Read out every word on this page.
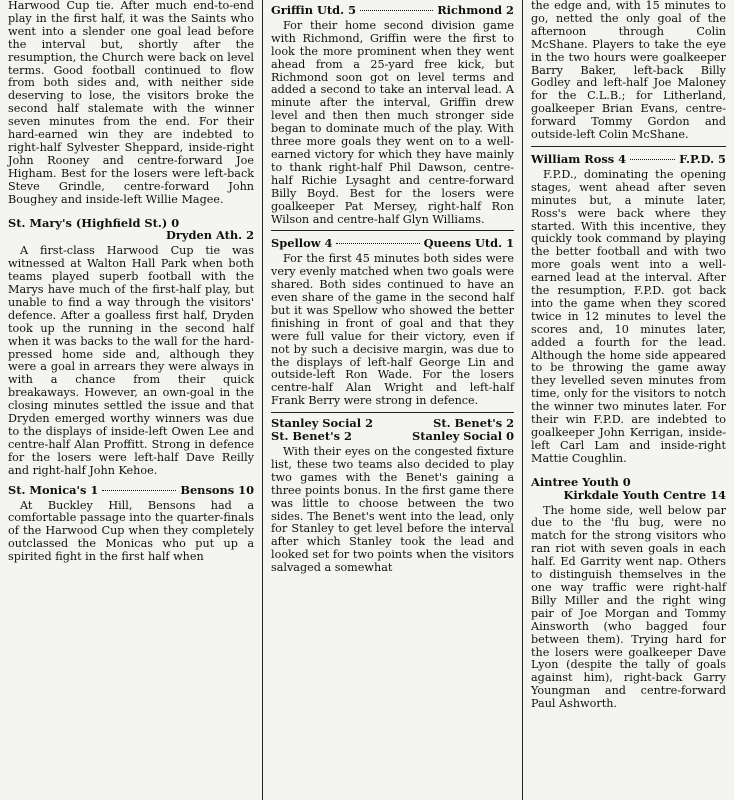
Harwood Cup tie. After much end-to-end play in the first half, it was the Saints who went into a slender one goal lead before the interval but, shortly after the resumption, the Church were back on level terms. Good football continued to flow from both sides and, with neither side deserving to lose, the visitors broke the second half stalemate with the winner seven minutes from the end. For their hard-earned win they are indebted to right-half Sylvester Sheppard, inside-right John Rooney and centre-forward Joe Higham. Best for the losers were left-back Steve Grindle, centre-forward John Boughey and inside-left Willie Magee.

St. Mary's (Highfield St.) 0
Dryden Ath. 2

A first-class Harwood Cup tie was witnessed at Walton Hall Park when both teams played superb football with the Marys have much of the first-half play, but unable to find a way through the visitors' defence. After a goalless first half, Dryden took up the running in the second half when it was backs to the wall for the hard-pressed home side and, although they were a goal in arrears they were always in with a chance from their quick breakaways. However, an own-goal in the closing minutes settled the issue and that Dryden emerged worthy winners was due to the displays of inside-left Owen Lee and centre-half Alan Proffitt. Strong in defence for the losers were left-half Dave Reilly and right-half John Kehoe.

St. Monica's 1	Bensons 10

At Buckley Hill, Bensons had a comfortable passage into the quarter-finals of the Harwood Cup when they completely outclassed the Monicas who put up a spirited fight in the first half when

Griffin Utd. 5	Richmond 2

For their home second division game with Richmond, Griffin were the first to look the more prominent when they went ahead from a 25-yard free kick, but Richmond soon got on level terms and added a second to take an interval lead. A minute after the interval, Griffin drew level and then then much stronger side began to dominate much of the play. With three more goals they went on to a well-earned victory for which they have mainly to thank right-half Phil Dawson, centre-half Richie Lysaght and centre-forward Billy Boyd. Best for the losers were goalkeeper Pat Mersey, right-half Ron Wilson and centre-half Glyn Williams.

Spellow 4	Queens Utd. 1

For the first 45 minutes both sides were very evenly matched when two goals were shared. Both sides continued to have an even share of the game in the second half but it was Spellow who showed the better finishing in front of goal and that they were full value for their victory, even if not by such a decisive margin, was due to the displays of left-half George Lin and outside-left Ron Wade. For the losers centre-half Alan Wright and left-half Frank Berry were strong in defence.

Stanley Social 2	St. Benet's 2
St. Benet's 2	Stanley Social 0

With their eyes on the congested fixture list, these two teams also decided to play two games with the Benet's gaining a three points bonus. In the first game there was little to choose between the two sides. The Benet's went into the lead, only for Stanley to get level before the interval after which Stanley took the lead and looked set for two points when the visitors salvaged a somewhat

the edge and, with 15 minutes to go, netted the only goal of the afternoon through Colin McShane. Players to take the eye in the two hours were goalkeeper Barry Baker, left-back Billy Godley and left-half Joe Maloney for the C.L.B.; for Litherland, goalkeeper Brian Evans, centre-forward Tommy Gordon and outside-left Colin McShane.

William Ross 4	F.P.D. 5

F.P.D., dominating the opening stages, went ahead after seven minutes but, a minute later, Ross's were back where they started. With this incentive, they quickly took command by playing the better football and with two more goals went into a well-earned lead at the interval. After the resumption, F.P.D. got back into the game when they scored twice in 12 minutes to level the scores and, 10 minutes later, added a fourth for the lead. Although the home side appeared to be throwing the game away they levelled seven minutes from time, only for the visitors to notch the winner two minutes later. For their win F.P.D. are indebted to goalkeeper John Kerrigan, inside-left Carl Lam and inside-right Mattie Coughlin.

Aintree Youth 0
Kirkdale Youth Centre 14

The home side, well below par due to the 'flu bug, were no match for the strong visitors who ran riot with seven goals in each half. Ed Garrity went nap. Others to distinguish themselves in the one way traffic were right-half Billy Miller and the right wing pair of Joe Morgan and Tommy Ainsworth (who bagged four between them). Trying hard for the losers were goalkeeper Dave Lyon (despite the tally of goals against him), right-back Garry Youngman and centre-forward Paul Ashworth.
